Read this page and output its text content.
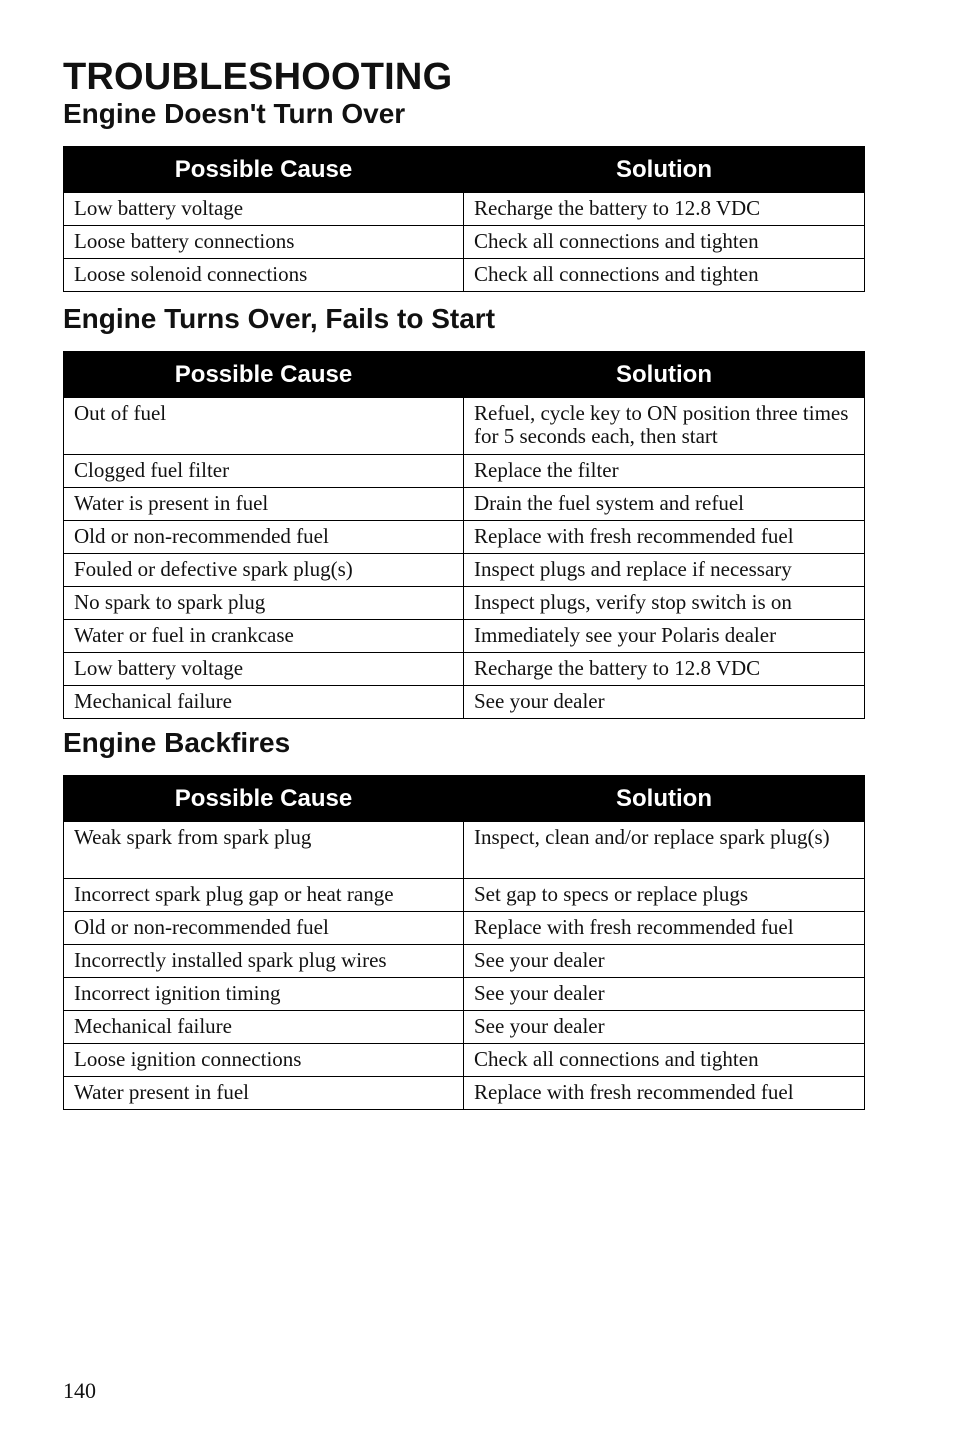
TROUBLESHOOTING
Engine Doesn't Turn Over
Possible Cause	Solution
Low battery voltage	Recharge the battery to 12.8 VDC
Loose battery connections	Check all connections and tighten
Loose solenoid connections	Check all connections and tighten
Engine Turns Over, Fails to Start
Possible Cause	Solution
Out of fuel	Refuel, cycle key to ON position three times for 5 seconds each, then start
Clogged fuel filter	Replace the filter
Water is present in fuel	Drain the fuel system and refuel
Old or non-recommended fuel	Replace with fresh recommended fuel
Fouled or defective spark plug(s)	Inspect plugs and replace if necessary
No spark to spark plug	Inspect plugs, verify stop switch is on
Water or fuel in crankcase	Immediately see your Polaris dealer
Low battery voltage	Recharge the battery to 12.8 VDC
Mechanical failure	See your dealer
Engine Backfires
Possible Cause	Solution
Weak spark from spark plug	Inspect, clean and/or replace spark plug(s)
Incorrect spark plug gap or heat range	Set gap to specs or replace plugs
Old or non-recommended fuel	Replace with fresh recommended fuel
Incorrectly installed spark plug wires	See your dealer
Incorrect ignition timing	See your dealer
Mechanical failure	See your dealer
Loose ignition connections	Check all connections and tighten
Water present in fuel	Replace with fresh recommended fuel
140
